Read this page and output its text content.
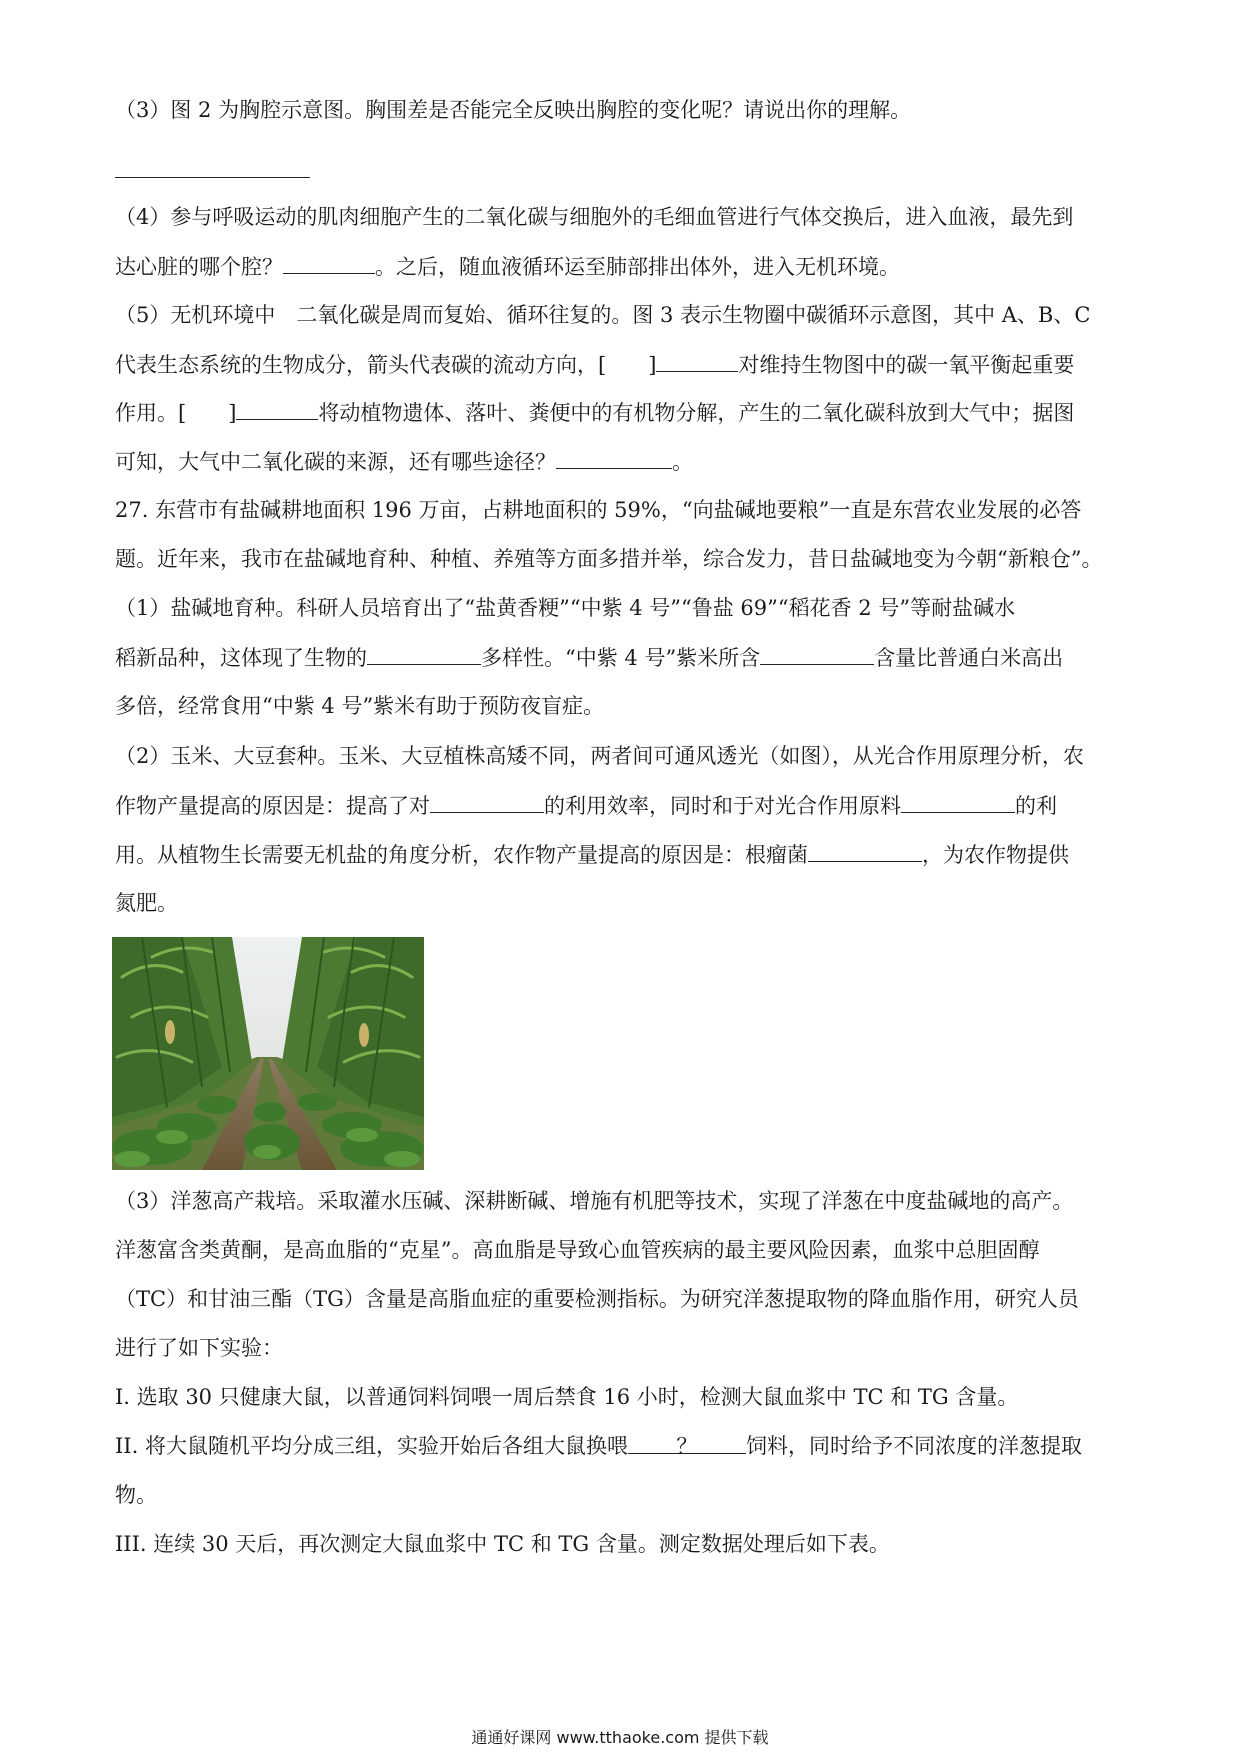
（3）图 2 为胸腔示意图。胸围差是否能完全反映出胸腔的变化呢？请说出你的理解。
（4）参与呼吸运动的肌肉细胞产生的二氧化碳与细胞外的毛细血管进行气体交换后，进入血液，最先到
达心脏的哪个腔？	。之后，随血液循环运至肺部排出体外，进入无机环境。
（5）无机环境中　二氧化碳是周而复始、循环往复的。图 3 表示生物圈中碳循环示意图，其中 A、B、C
代表生态系统的生物成分，箭头代表碳的流动方向，[　　]	对维持生物图中的碳一氧平衡起重要
作用。[　　]	将动植物遗体、落叶、粪便中的有机物分解，产生的二氧化碳科放到大气中；据图
可知，大气中二氧化碳的来源，还有哪些途径？	。
27. 东营市有盐碱耕地面积 196 万亩，占耕地面积的 59%，“向盐碱地要粮”一直是东营农业发展的必答
题。近年来，我市在盐碱地育种、种植、养殖等方面多措并举，综合发力，昔日盐碱地变为今朝“新粮仓”。
（1）盐碱地育种。科研人员培育出了“盐黄香粳”“中紫 4 号”“鲁盐 69”“稻花香 2 号”等耐盐碱水
稻新品种，这体现了生物的	多样性。“中紫 4 号”紫米所含	含量比普通白米高出
多倍，经常食用“中紫 4 号”紫米有助于预防夜盲症。
（2）玉米、大豆套种。玉米、大豆植株高矮不同，两者间可通风透光（如图），从光合作用原理分析，农
作物产量提高的原因是：提高了对	的利用效率，同时和于对光合作用原料	的利
用。从植物生长需要无机盐的角度分析，农作物产量提高的原因是：根瘤菌	，为农作物提供
氮肥。
（3）洋葱高产栽培。采取灌水压碱、深耕断碱、增施有机肥等技术，实现了洋葱在中度盐碱地的高产。
洋葱富含类黄酮，是高血脂的“克星”。高血脂是导致心血管疾病的最主要风险因素，血浆中总胆固醇
（TC）和甘油三酯（TG）含量是高脂血症的重要检测指标。为研究洋葱提取物的降血脂作用，研究人员
进行了如下实验：
I. 选取 30 只健康大鼠，以普通饲料饲喂一周后禁食 16 小时，检测大鼠血浆中 TC 和 TG 含量。
II. 将大鼠随机平均分成三组，实验开始后各组大鼠换喂 ？ 饲料，同时给予不同浓度的洋葱提取
物。
III. 连续 30 天后，再次测定大鼠血浆中 TC 和 TG 含量。测定数据处理后如下表。
通通好课网 www.tthaoke.com 提供下载
